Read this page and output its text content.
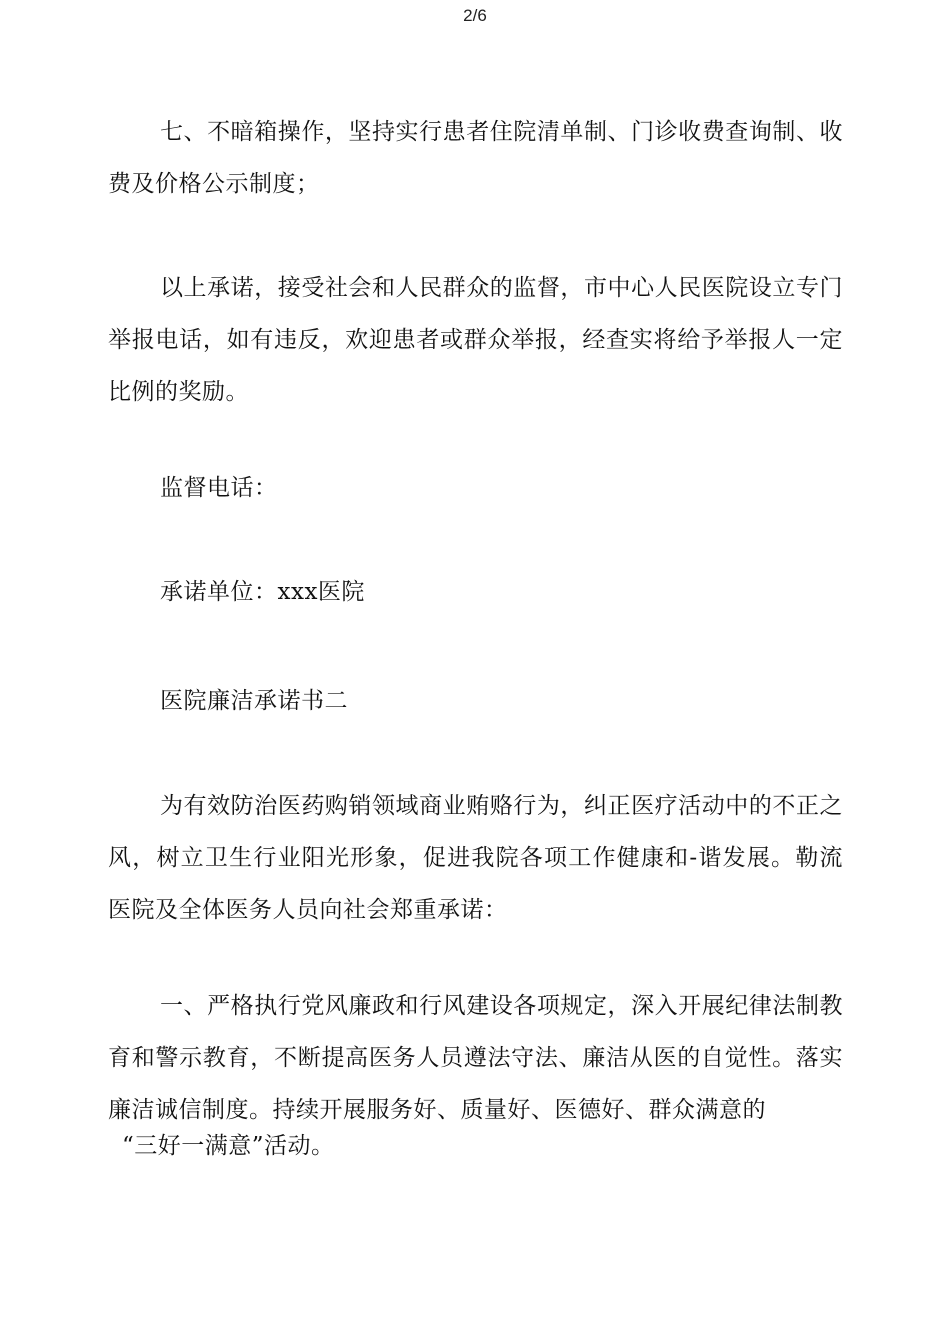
2/6

七、不暗箱操作，坚持实行患者住院清单制、门诊收费查询制、收费及价格公示制度；

以上承诺，接受社会和人民群众的监督，市中心人民医院设立专门举报电话，如有违反，欢迎患者或群众举报，经查实将给予举报人一定比例的奖励。

监督电话：

承诺单位：xxx医院

医院廉洁承诺书二

为有效防治医药购销领域商业贿赂行为，纠正医疗活动中的不正之风，树立卫生行业阳光形象，促进我院各项工作健康和-谐发展。勒流医院及全体医务人员向社会郑重承诺：

一、严格执行党风廉政和行风建设各项规定，深入开展纪律法制教育和警示教育，不断提高医务人员遵法守法、廉洁从医的自觉性。落实廉洁诚信制度。持续开展服务好、质量好、医德好、群众满意的

“三好一满意”活动。
